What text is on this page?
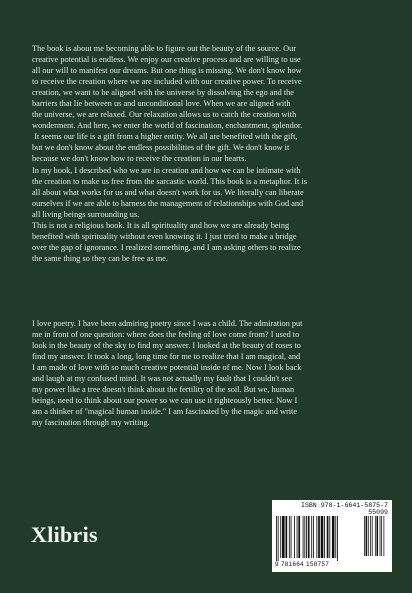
The book is about me becoming able to figure out the beauty of the source. Our
creative potential is endless. We enjoy our creative process and are willing to use
all our will to manifest our dreams. But one thing is missing. We don't know how
to receive the creation where we are included with our creative power. To receive
creation, we want to be aligned with the universe by dissolving the ego and the
barriers that lie between us and unconditional love. When we are aligned with
the universe, we are relaxed. Our relaxation allows us to catch the creation with
wonderment. And here, we enter the world of fascination, enchantment, splendor.
It seems our life is a gift from a higher entity. We all are benefited with the gift,
but we don't know about the endless possibilities of the gift. We don't know it
because we don't know how to receive the creation in our hearts.
In my book, I described who we are in creation and how we can be intimate with
the creation to make us free from the sarcastic world. This book is a metaphor. It is
all about what works for us and what doesn't work for us. We literally can liberate
ourselves if we are able to harness the management of relationships with God and
all living beings surrounding us.
This is not a religious book. It is all spirituality and how we are already being
benefited with spirituality without even knowing it. I just tried to make a bridge
over the gap of ignorance. I realized something, and I am asking others to realize
the same thing so they can be free as me.

I love poetry. I have been admiring poetry since I was a child. The admiration put
me in front of one question: where does the feeling of love come from? I used to
look in the beauty of the sky to find my answer. I looked at the beauty of roses to
find my answer. It took a long, long time for me to realize that I am magical, and
I am made of love with so much creative potential inside of me. Now I look back
and laugh at my confused mind. It was not actually my fault that I couldn't see
my power like a tree doesn't think about the fertility of the soil. But we, human
beings, need to think about our power so we can use it righteously better. Now I
am a thinker of "magical human inside." I am fascinated by the magic and write
my fascination through my writing.

Xlibris
ISBN 978-1-6641-5875-7
55099
9 781664 158757
